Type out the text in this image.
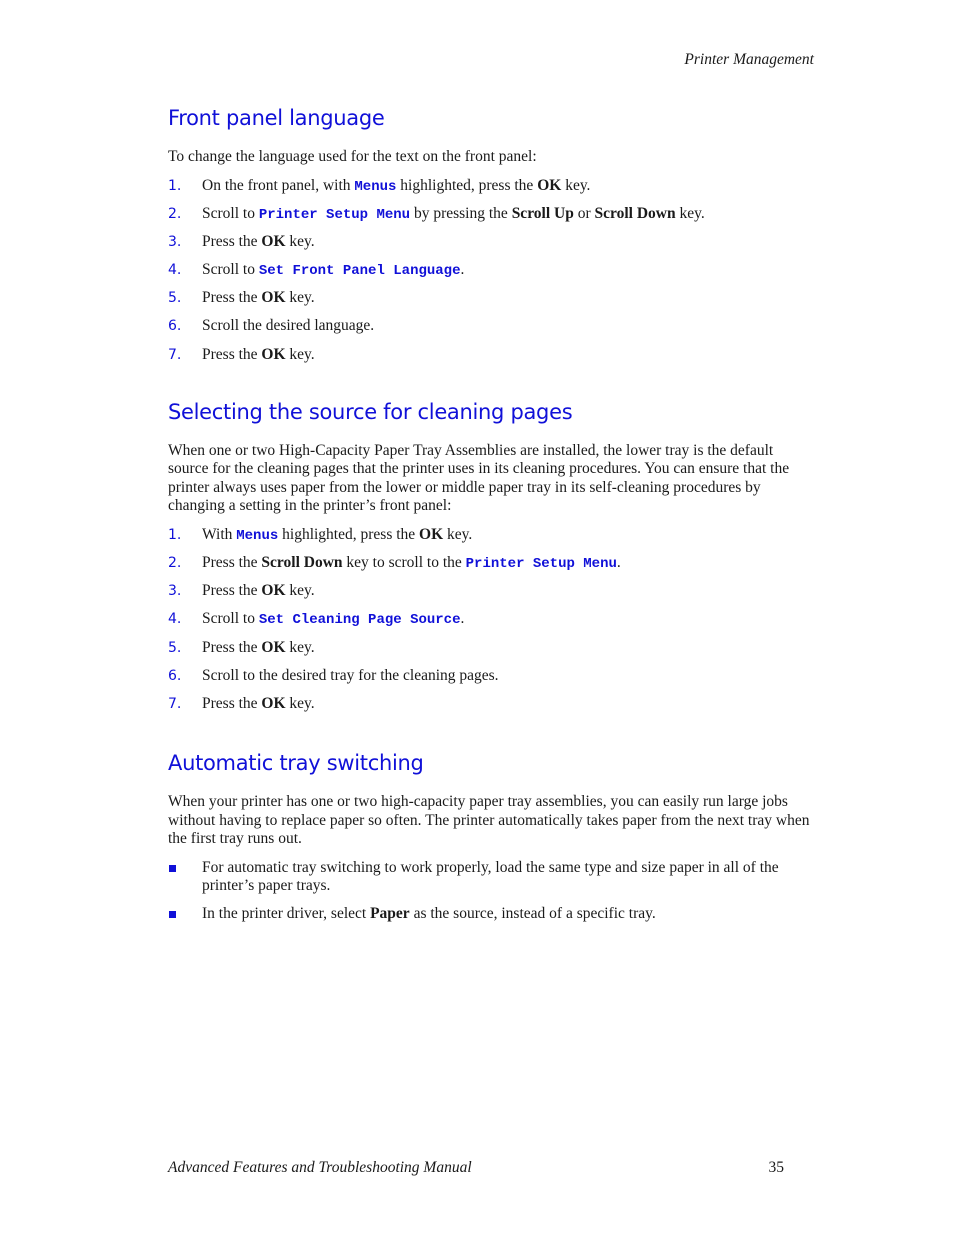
Printer Management
Front panel language

To change the language used for the text on the front panel:

1. On the front panel, with Menus highlighted, press the OK key.
2. Scroll to Printer Setup Menu by pressing the Scroll Up or Scroll Down key.
3. Press the OK key.
4. Scroll to Set Front Panel Language.
5. Press the OK key.
6. Scroll the desired language.
7. Press the OK key.
Selecting the source for cleaning pages

When one or two High-Capacity Paper Tray Assemblies are installed, the lower tray is the default source for the cleaning pages that the printer uses in its cleaning procedures. You can ensure that the printer always uses paper from the lower or middle paper tray in its self-cleaning procedures by changing a setting in the printer’s front panel:

1. With Menus highlighted, press the OK key.
2. Press the Scroll Down key to scroll to the Printer Setup Menu.
3. Press the OK key.
4. Scroll to Set Cleaning Page Source.
5. Press the OK key.
6. Scroll to the desired tray for the cleaning pages.
7. Press the OK key.
Automatic tray switching

When your printer has one or two high-capacity paper tray assemblies, you can easily run large jobs without having to replace paper so often. The printer automatically takes paper from the next tray when the first tray runs out.

For automatic tray switching to work properly, load the same type and size paper in all of the printer’s paper trays.
In the printer driver, select Paper as the source, instead of a specific tray.
Advanced Features and Troubleshooting Manual	35
